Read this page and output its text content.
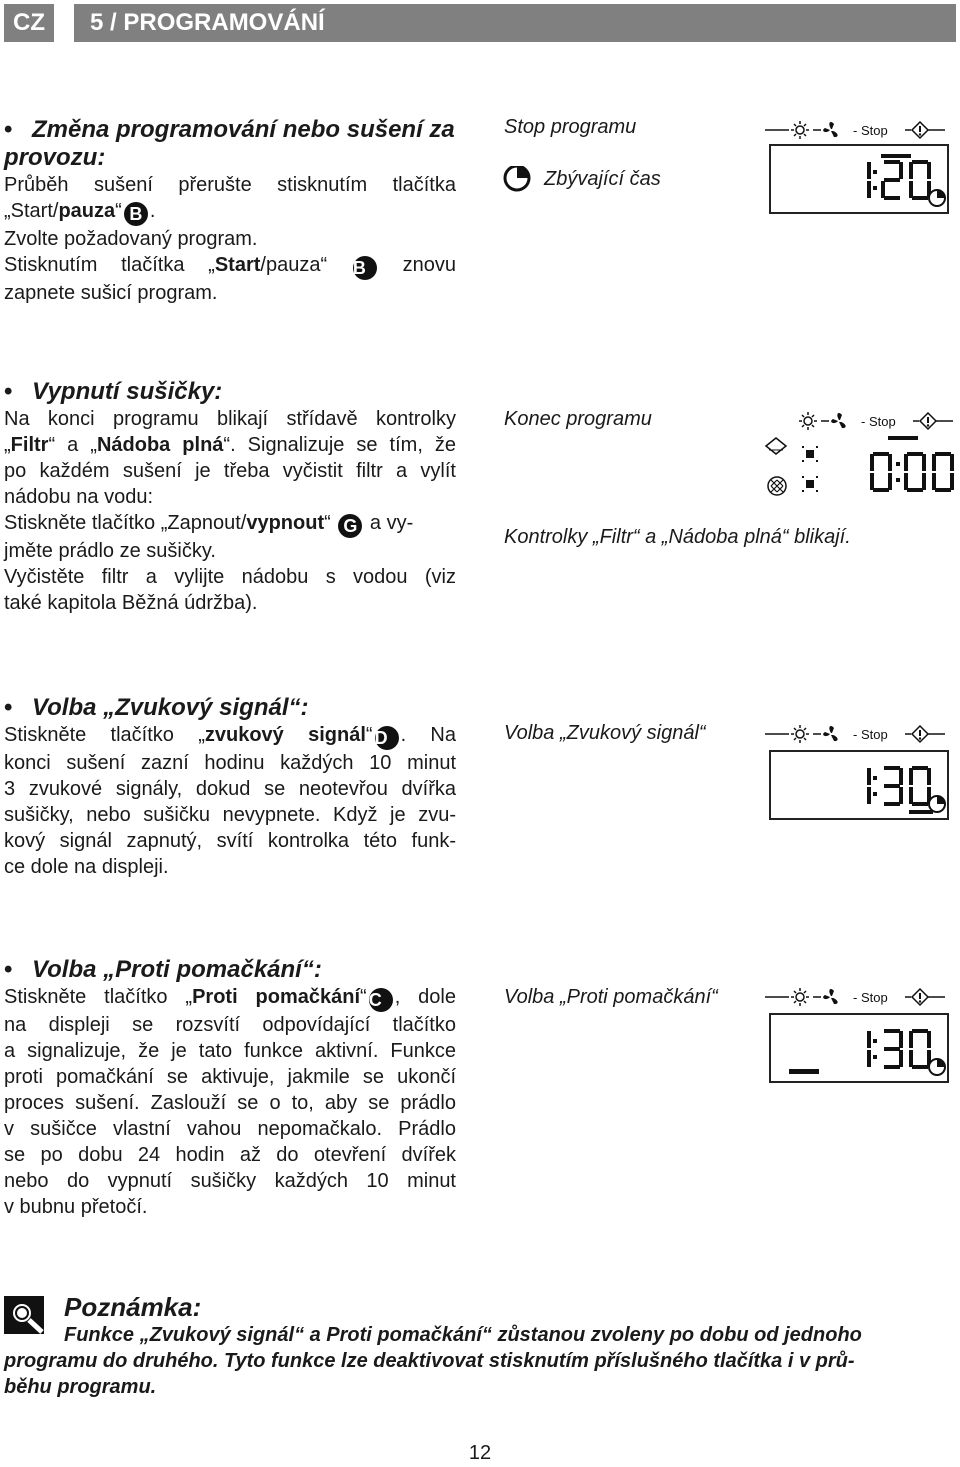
CZ	5 / PROGRAMOVÁNÍ
• Změna programování nebo sušení za provozu:

Průběh sušení přerušte stisknutím tlačítka

„Start/pauza“ B .

Zvolte požadovaný program.

Stisknutím tlačítka „Start/pauza“ B znovu

zapnete sušicí program.

Stop programu
Zbývající čas
- Stop
• Vypnutí sušičky:

Na konci programu blikají střídavě kontrolky

„Filtr“ a „Nádoba plná“. Signalizuje se tím, že

po každém sušení je třeba vyčistit filtr a vylít

nádobu na vodu:

Stiskněte tlačítko „Zapnout/vypnout“ G a vy-

jměte prádlo ze sušičky.

Vyčistěte filtr a vylijte nádobu s vodou (viz

také kapitola Běžná údržba).

Konec programu	- Stop
Kontrolky „Filtr“ a „Nádoba plná“ blikají.
• Volba „Zvukový signál“:

Stiskněte tlačítko „zvukový signál“ D . Na

konci sušení zazní hodinu každých 10 minut

3 zvukové signály, dokud se neotevřou dvířka

sušičky, nebo sušičku nevypnete. Když je zvu-

kový signál zapnutý, svítí kontrolka této funk-

ce dole na displeji.

Volba „Zvukový signál“	- Stop
• Volba „Proti pomačkání“:

Stiskněte tlačítko „Proti pomačkání“ C , dole

na displeji se rozsvítí odpovídající tlačítko

a signalizuje, že je tato funkce aktivní. Funkce

proti pomačkání se aktivuje, jakmile se ukončí

proces sušení. Zaslouží se o to, aby se prádlo

v sušičce vlastní vahou nepomačkalo. Prádlo

se po dobu 24 hodin až do otevření dvířek

nebo do vypnutí sušičky každých 10 minut

v bubnu přetočí.

Volba „Proti pomačkání“	- Stop
Poznámka:
Funkce „Zvukový signál“ a Proti pomačkání“ zůstanou zvoleny po dobu od jednoho
programu do druhého. Tyto funkce lze deaktivovat stisknutím příslušného tlačítka i v prů-
běhu programu.
12
